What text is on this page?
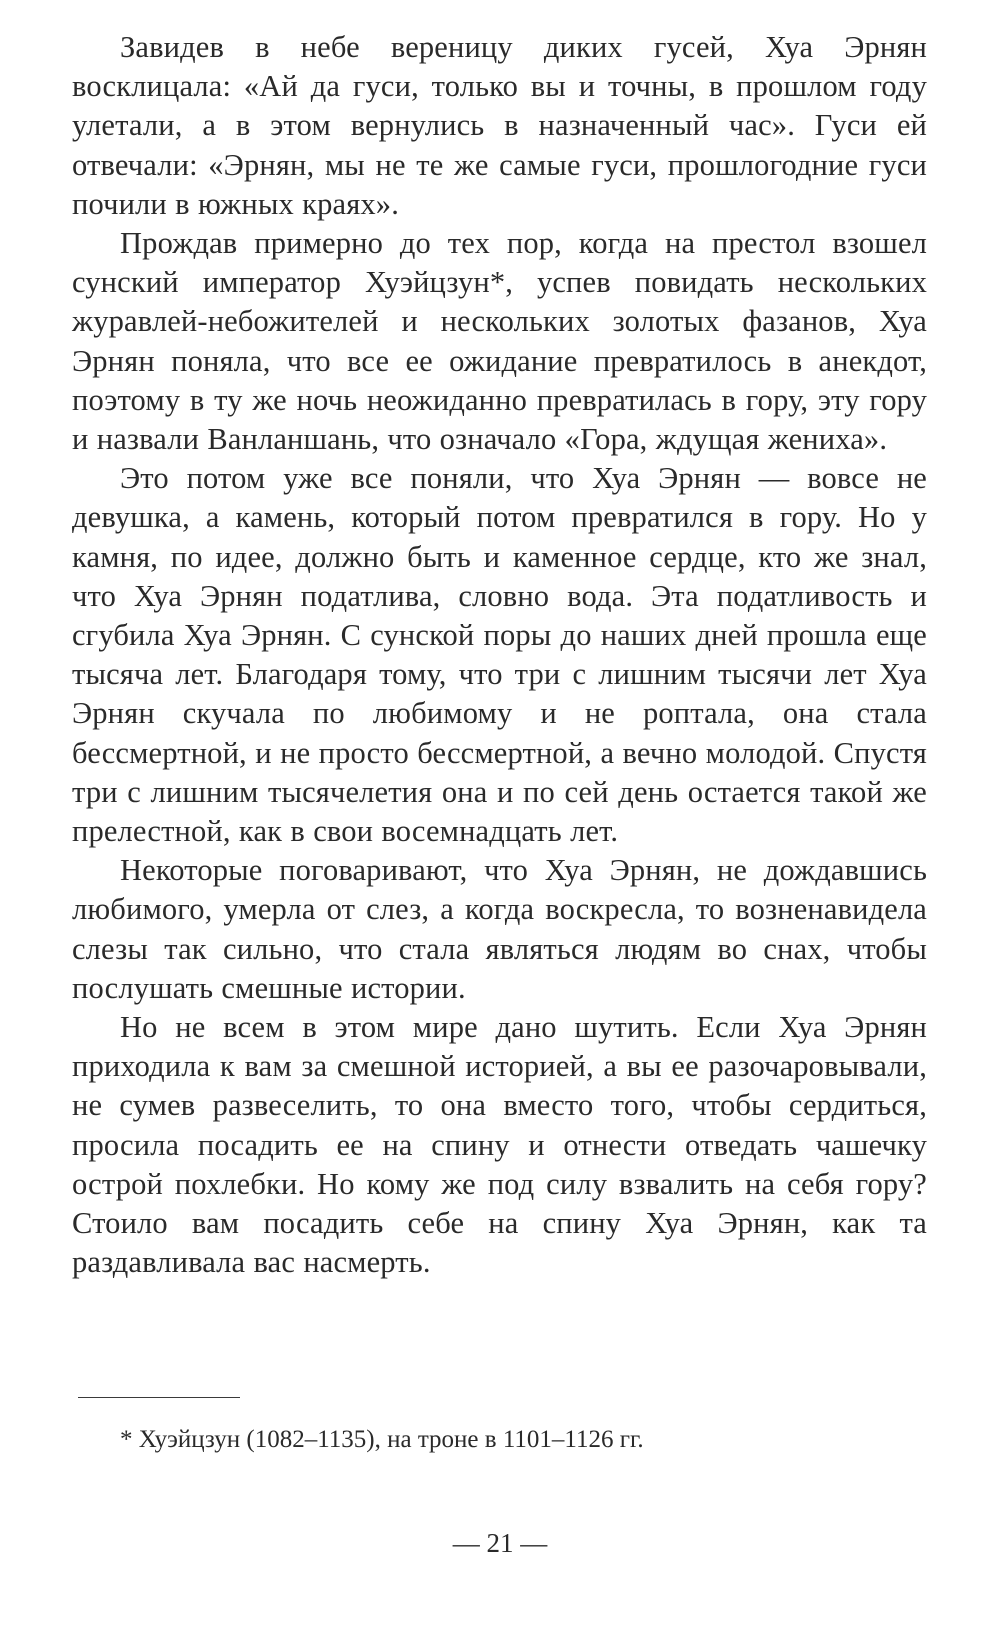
Завидев в небе вереницу диких гусей, Хуа Эрнян восклицала: «Ай да гуси, только вы и точны, в прошлом году улетали, а в этом вернулись в назначенный час». Гуси ей отвечали: «Эрнян, мы не те же самые гуси, прошлогодние гуси почили в южных краях».

Прождав примерно до тех пор, когда на престол взошел сунский император Хуэйцзун*, успев повидать нескольких журавлей-небожителей и нескольких золотых фазанов, Хуа Эрнян поняла, что все ее ожидание превратилось в анекдот, поэтому в ту же ночь неожиданно превратилась в гору, эту гору и назвали Ванланшань, что означало «Гора, ждущая жениха».

Это потом уже все поняли, что Хуа Эрнян — вовсе не девушка, а камень, который потом превратился в гору. Но у камня, по идее, должно быть и каменное сердце, кто же знал, что Хуа Эрнян податлива, словно вода. Эта податливость и сгубила Хуа Эрнян. С сунской поры до наших дней прошла еще тысяча лет. Благодаря тому, что три с лишним тысячи лет Хуа Эрнян скучала по любимому и не роптала, она стала бессмертной, и не просто бессмертной, а вечно молодой. Спустя три с лишним тысячелетия она и по сей день остается такой же прелестной, как в свои восемнадцать лет.

Некоторые поговаривают, что Хуа Эрнян, не дождавшись любимого, умерла от слез, а когда воскресла, то возненавидела слезы так сильно, что стала являться людям во снах, чтобы послушать смешные истории.

Но не всем в этом мире дано шутить. Если Хуа Эрнян приходила к вам за смешной историей, а вы ее разочаровывали, не сумев развеселить, то она вместо того, чтобы сердиться, просила посадить ее на спину и отнести отведать чашечку острой похлебки. Но кому же под силу взвалить на себя гору? Стоило вам посадить себе на спину Хуа Эрнян, как та раздавливала вас насмерть.

* Хуэйцзун (1082–1135), на троне в 1101–1126 гг.

— 21 —
